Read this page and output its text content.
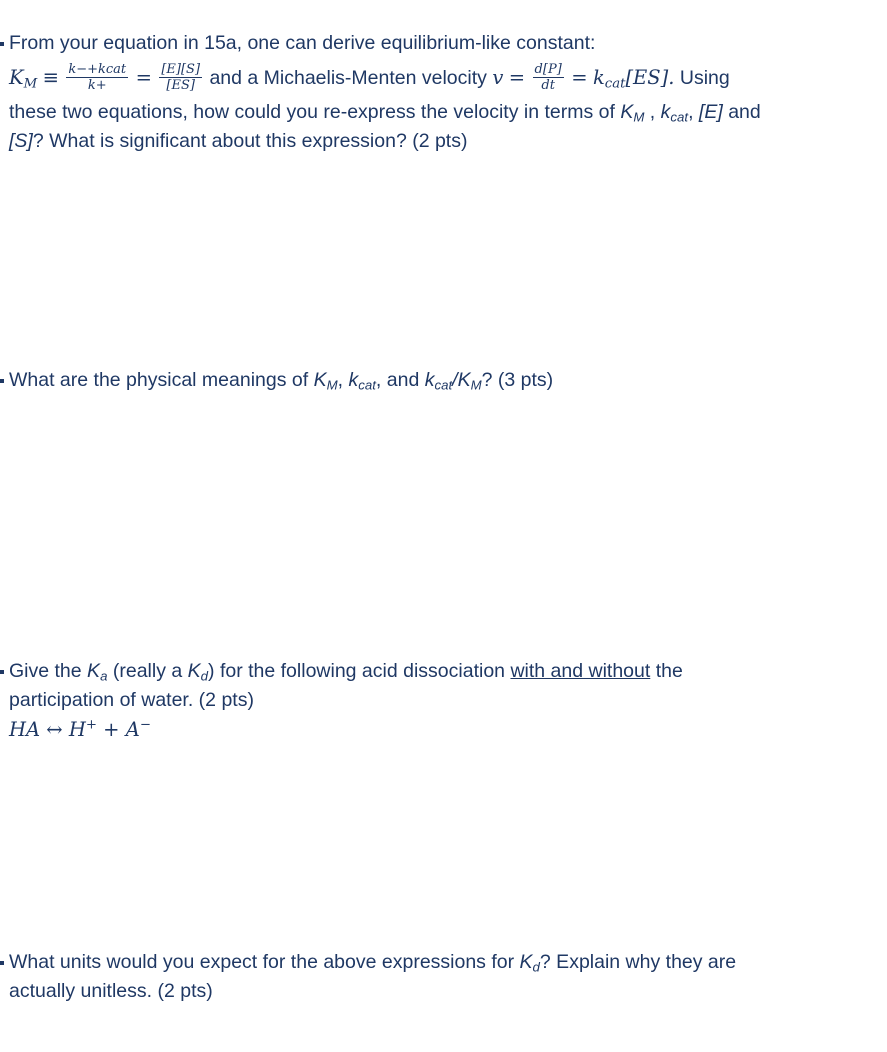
From your equation in 15a, one can derive equilibrium-like constant:
$K_M \equiv \frac{\text{k−+kcat}}{k+} = \frac{[E][S]}{[ES]}$ and a Michaelis-Menten velocity $v = \frac{d[P]}{dt} = k_{cat}[ES]$. Using
these two equations, how could you re-express the velocity in terms of $K_M$ , $k_{cat}$, [E] and
[S]? What is significant about this expression? (2 pts)
What are the physical meanings of $K_M$, $k_{cat}$, and $k_{cat}/K_M$? (3 pts)
Give the $K_a$ (really a $K_d$) for the following acid dissociation with and without the
participation of water. (2 pts)
HA ↔ H+ + A−
What units would you expect for the above expressions for $K_d$? Explain why they are
actually unitless. (2 pts)
